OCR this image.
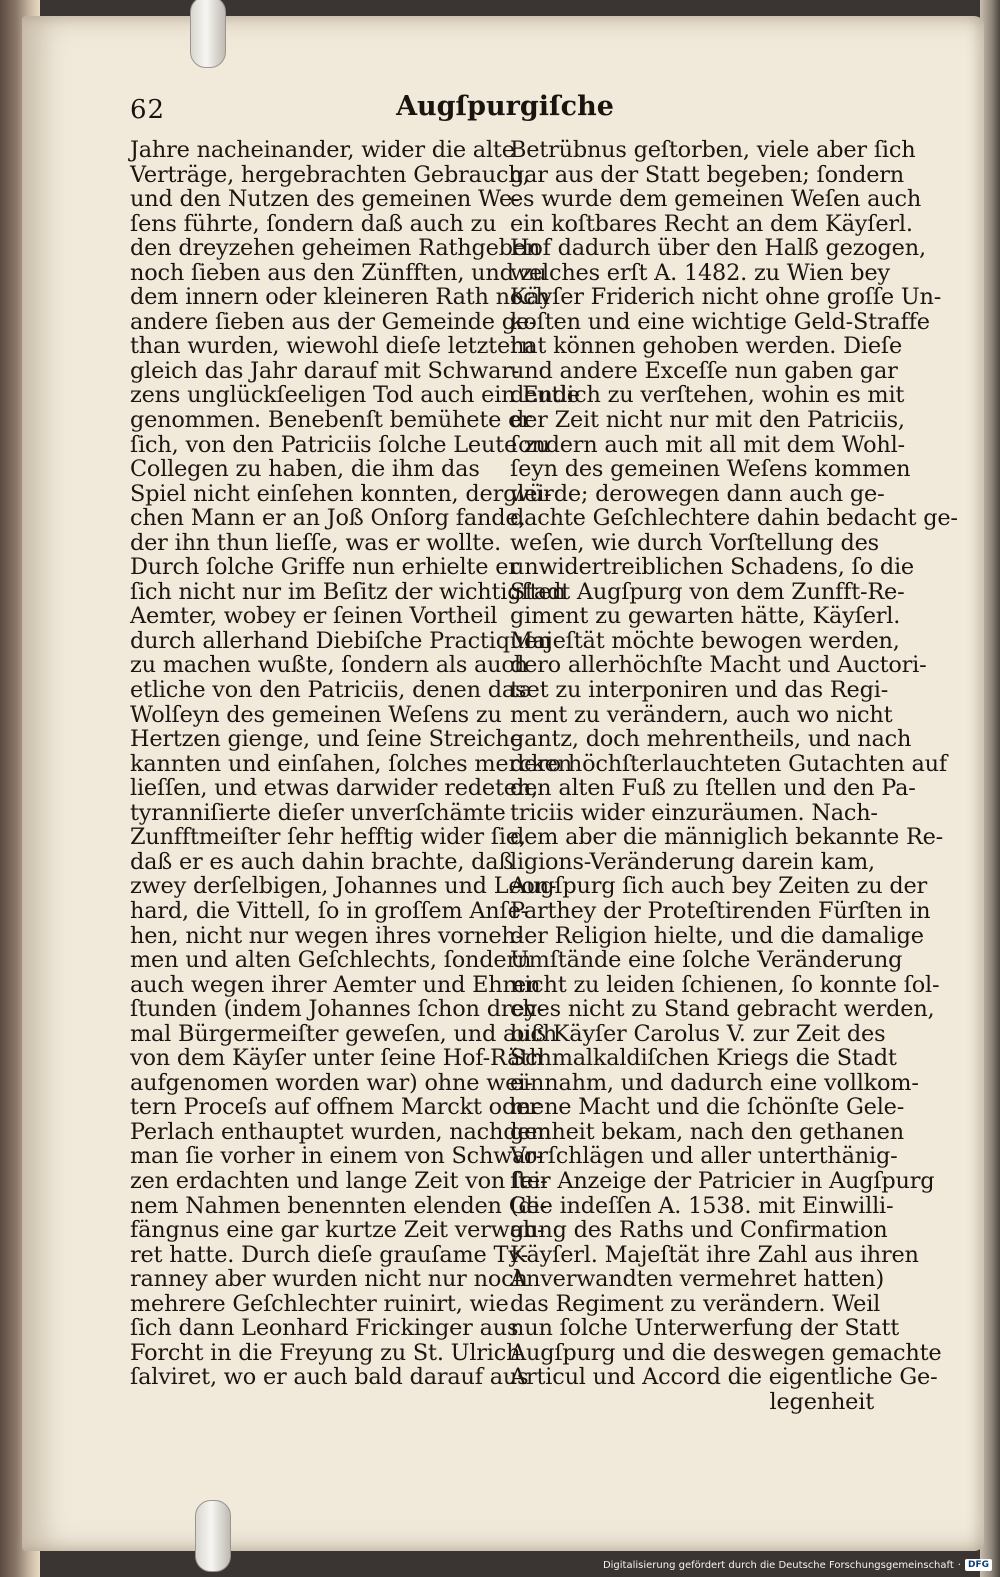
62	Augſpurgiſche
Jahre nacheinander, wider die alte
Verträge, hergebrachten Gebrauch,
und den Nutzen des gemeinen We-
ſens führte, ſondern daß auch zu
den dreyzehen geheimen Rathgeben
noch ſieben aus den Zünfften, und zu
dem innern oder kleineren Rath noch
andere ſieben aus der Gemeinde ge-
than wurden, wiewohl dieſe letztern
gleich das Jahr darauf mit Schwar-
zens unglückſeeligen Tod auch ein Ende
genommen. Benebenſt bemühete er
ſich, von den Patriciis ſolche Leute zu
Collegen zu haben, die ihm das
Spiel nicht einſehen konnten, derglei-
chen Mann er an Joß Onſorg fande,
der ihn thun lieſſe, was er wollte.
Durch ſolche Griffe nun erhielte er
ſich nicht nur im Beſitz der wichtigſten
Aemter, wobey er ſeinen Vortheil
durch allerhand Diebiſche Practiquen
zu machen wußte, ſondern als auch
etliche von den Patriciis, denen das
Wolſeyn des gemeinen Weſens zu
Hertzen gienge, und ſeine Streiche
kannten und einſahen, ſolches mercken
lieſſen, und etwas darwider redeten,
tyranniſierte dieſer unverſchämte
Zunfftmeiſter ſehr hefftig wider ſie,
daß er es auch dahin brachte, daß
zwey derſelbigen, Johannes und Leon-
hard, die Vittell, ſo in groſſem Anſe-
hen, nicht nur wegen ihres vorneh-
men und alten Geſchlechts, ſondern
auch wegen ihrer Aemter und Ehren
ſtunden (indem Johannes ſchon drey-
mal Bürgermeiſter geweſen, und auch
von dem Käyſer unter ſeine Hof-Räth
aufgenomen worden war) ohne wei-
tern Proceſs auf offnem Marckt oder
Perlach enthauptet wurden, nachdem
man ſie vorher in einem von Schwar-
zen erdachten und lange Zeit von ſei-
nem Nahmen benennten elenden Ge-
fängnus eine gar kurtze Zeit verwah-
ret hatte. Durch dieſe grauſame Ty-
ranney aber wurden nicht nur noch
mehrere Geſchlechter ruinirt, wie
ſich dann Leonhard Frickinger aus
Forcht in die Freyung zu St. Ulrich
ſalviret, wo er auch bald darauf aus
Betrübnus geſtorben, viele aber ſich
gar aus der Statt begeben; ſondern
es wurde dem gemeinen Weſen auch
ein koſtbares Recht an dem Käyſerl.
Hof dadurch über den Halß gezogen,
welches erſt A. 1482. zu Wien bey
Käyſer Friderich nicht ohne groſſe Un-
koſten und eine wichtige Geld-Straffe
hat können gehoben werden. Dieſe
und andere Exceſſe nun gaben gar
deutlich zu verſtehen, wohin es mit
der Zeit nicht nur mit den Patriciis,
ſondern auch mit all mit dem Wohl-
ſeyn des gemeinen Weſens kommen
würde; derowegen dann auch ge-
dachte Geſchlechtere dahin bedacht ge-
weſen, wie durch Vorſtellung des
unwidertreiblichen Schadens, ſo die
Stadt Augſpurg von dem Zunfft-Re-
giment zu gewarten hätte, Käyſerl.
Majeſtät möchte bewogen werden,
dero allerhöchſte Macht und Auctori-
tæt zu interponiren und das Regi-
ment zu verändern, auch wo nicht
gantz, doch mehrentheils, und nach
dero höchſterlauchteten Gutachten auf
den alten Fuß zu ſtellen und den Pa-
triciis wider einzuräumen. Nach-
dem aber die männiglich bekannte Re-
ligions-Veränderung darein kam,
Augſpurg ſich auch bey Zeiten zu der
Parthey der Proteſtirenden Fürſten in
der Religion hielte, und die damalige
Umſtände eine ſolche Veränderung
nicht zu leiden ſchienen, ſo konnte ſol-
ches nicht zu Stand gebracht werden,
biß Käyſer Carolus V. zur Zeit des
Schmalkaldiſchen Kriegs die Stadt
einnahm, und dadurch eine vollkom-
mene Macht und die ſchönſte Gele-
genheit bekam, nach den gethanen
Vorſchlägen und aller unterthänig-
ſter Anzeige der Patricier in Augſpurg
(die indeſſen A. 1538. mit Einwilli-
gung des Raths und Confirmation
Käyſerl. Majeſtät ihre Zahl aus ihren
Anverwandten vermehret hatten)
das Regiment zu verändern. Weil
nun ſolche Unterwerfung der Statt
Augſpurg und die deswegen gemachte
Articul und Accord die eigentliche Ge-
legenheit
Digitalisierung gefördert durch die Deutsche Forschungsgemeinschaft · DFG
